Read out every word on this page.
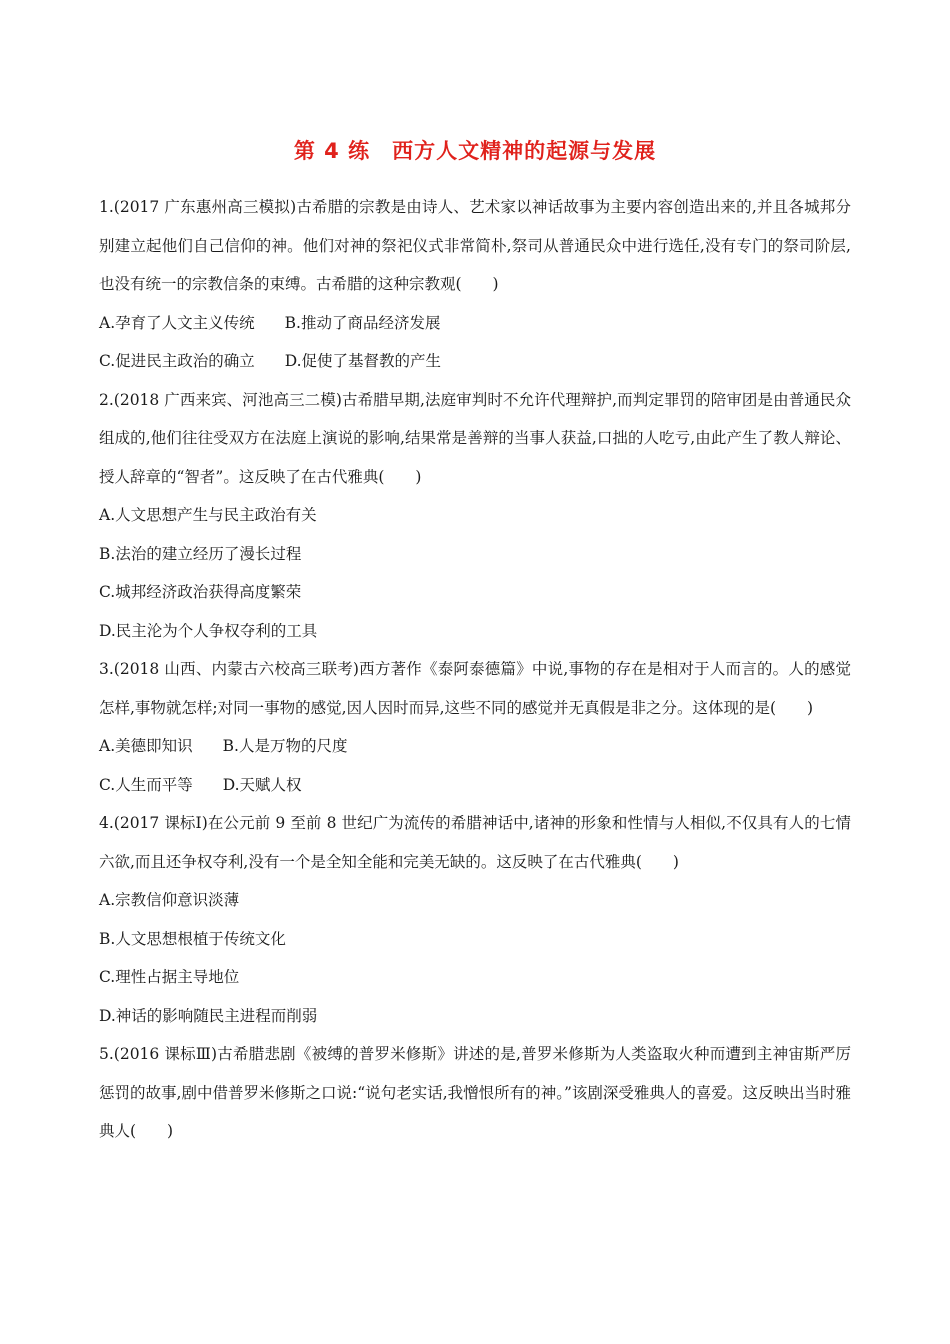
第 4 练　西方人文精神的起源与发展

1.(2017 广东惠州高三模拟)古希腊的宗教是由诗人、艺术家以神话故事为主要内容创造出来的,并且各城邦分别建立起他们自己信仰的神。他们对神的祭祀仪式非常简朴,祭司从普通民众中进行选任,没有专门的祭司阶层,也没有统一的宗教信条的束缚。古希腊的这种宗教观(　　)

A.孕育了人文主义传统 B.推动了商品经济发展
C.促进民主政治的确立 D.促使了基督教的产生

2.(2018 广西来宾、河池高三二模)古希腊早期,法庭审判时不允许代理辩护,而判定罪罚的陪审团是由普通民众组成的,他们往往受双方在法庭上演说的影响,结果常是善辩的当事人获益,口拙的人吃亏,由此产生了教人辩论、授人辞章的“智者”。这反映了在古代雅典(　　)

A.人文思想产生与民主政治有关

B.法治的建立经历了漫长过程

C.城邦经济政治获得高度繁荣

D.民主沦为个人争权夺利的工具

3.(2018 山西、内蒙古六校高三联考)西方著作《泰阿泰德篇》中说,事物的存在是相对于人而言的。人的感觉怎样,事物就怎样;对同一事物的感觉,因人因时而异,这些不同的感觉并无真假是非之分。这体现的是(　　)

A.美德即知识 B.人是万物的尺度
C.人生而平等 D.天赋人权

4.(2017 课标Ⅰ)在公元前 9 至前 8 世纪广为流传的希腊神话中,诸神的形象和性情与人相似,不仅具有人的七情六欲,而且还争权夺利,没有一个是全知全能和完美无缺的。这反映了在古代雅典(　　)

A.宗教信仰意识淡薄

B.人文思想根植于传统文化

C.理性占据主导地位

D.神话的影响随民主进程而削弱

5.(2016 课标Ⅲ)古希腊悲剧《被缚的普罗米修斯》讲述的是,普罗米修斯为人类盗取火种而遭到主神宙斯严厉惩罚的故事,剧中借普罗米修斯之口说:“说句老实话,我憎恨所有的神。”该剧深受雅典人的喜爱。这反映出当时雅典人(　　)
